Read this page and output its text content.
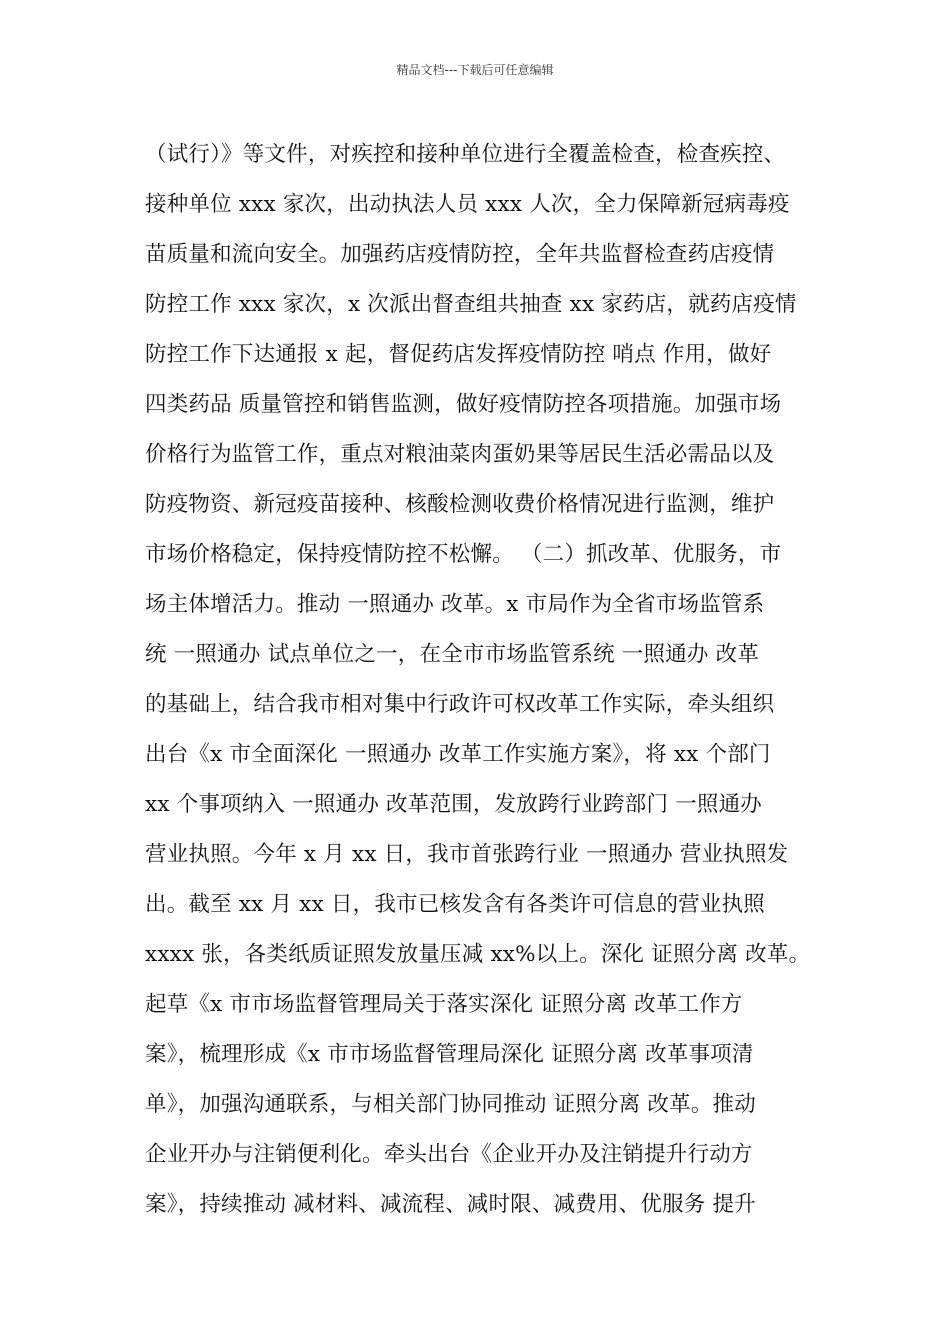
精品文档---下载后可任意编辑
（试行）》等文件，对疾控和接种单位进行全覆盖检查，检查疾控、
接种单位 xxx 家次，出动执法人员 xxx 人次，全力保障新冠病毒疫
苗质量和流向安全。加强药店疫情防控，全年共监督检查药店疫情
防控工作 xxx 家次，x 次派出督查组共抽查 xx 家药店，就药店疫情
防控工作下达通报 x 起，督促药店发挥疫情防控 哨点 作用，做好
四类药品 质量管控和销售监测，做好疫情防控各项措施。加强市场
价格行为监管工作，重点对粮油菜肉蛋奶果等居民生活必需品以及
防疫物资、新冠疫苗接种、核酸检测收费价格情况进行监测，维护
市场价格稳定，保持疫情防控不松懈。 （二）抓改革、优服务，市
场主体增活力。推动 一照通办 改革。x 市局作为全省市场监管系
统 一照通办 试点单位之一，在全市市场监管系统 一照通办 改革
的基础上，结合我市相对集中行政许可权改革工作实际，牵头组织
出台《x 市全面深化 一照通办 改革工作实施方案》，将 xx 个部门
xx 个事项纳入 一照通办 改革范围，发放跨行业跨部门 一照通办
营业执照。今年 x 月 xx 日，我市首张跨行业 一照通办 营业执照发
出。截至 xx 月 xx 日，我市已核发含有各类许可信息的营业执照
xxxx 张，各类纸质证照发放量压减 xx%以上。深化 证照分离 改革。
起草《x 市市场监督管理局关于落实深化 证照分离 改革工作方
案》，梳理形成《x 市市场监督管理局深化 证照分离 改革事项清
单》，加强沟通联系，与相关部门协同推动 证照分离 改革。推动
企业开办与注销便利化。牵头出台《企业开办及注销提升行动方
案》，持续推动 减材料、减流程、减时限、减费用、优服务 提升
